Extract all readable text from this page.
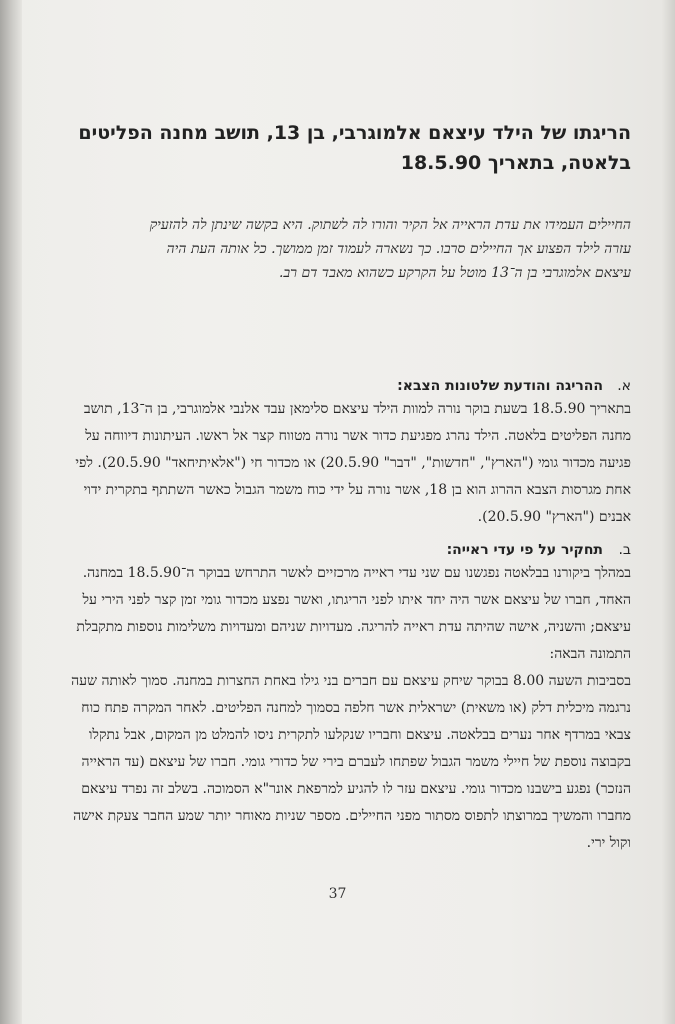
הריגתו של הילד עיצאם אלמוגרבי, בן 13, תושב מחנה הפליטים בלאטה, בתאריך 18.5.90

החיילים העמידו את עדת הראייה אל הקיר והורו לה לשתוק. היא בקשה שינתן לה להזעיק עזרה לילד הפצוע אך החיילים סרבו. כך נשארה לעמוד זמן ממושך. כל אותה העת היה עיצאם אלמוגרבי בן ה־13 מוטל על הקרקע כשהוא מאבד דם רב.

א.ההריגה והודעת שלטונות הצבא:

בתאריך 18.5.90 בשעת בוקר נורה למוות הילד עיצאם סלימאן עבד אלנבי אלמוגרבי, בן ה־13, תושב מחנה הפליטים בלאטה. הילד נהרג מפגיעת כדור אשר נורה מטווח קצר אל ראשו. העיתונות דיווחה על פגיעה מכדור גומי ("הארץ", "חדשות", "דבר" 20.5.90) או מכדור חי ("אלאיתיחאד" 20.5.90). לפי אחת מגרסות הצבא ההרוג הוא בן 18, אשר נורה על ידי כוח משמר הגבול כאשר השתתף בתקרית ידוי אבנים ("הארץ" 20.5.90).

ב.תחקיר על פי עדי ראייה:

במהלך ביקורנו בבלאטה נפגשנו עם שני עדי ראייה מרכזיים לאשר התרחש בבוקר ה־18.5.90 במחנה. האחד, חברו של עיצאם אשר היה יחד איתו לפני הריגתו, ואשר נפצע מכדור גומי זמן קצר לפני הירי על עיצאם; והשניה, אישה שהיתה עדת ראייה להריגה. מעדויות שניהם ומעדויות משלימות נוספות מתקבלת התמונה הבאה:

בסביבות השעה 8.00 בבוקר שיחק עיצאם עם חברים בני גילו באחת החצרות במחנה. סמוך לאותה שעה נרגמה מיכלית דלק (או משאית) ישראלית אשר חלפה בסמוך למחנה הפליטים. לאחר המקרה פתח כוח צבאי במרדף אחר נערים בבלאטה. עיצאם וחבריו שנקלעו לתקרית ניסו להמלט מן המקום, אבל נתקלו בקבוצה נוספת של חיילי משמר הגבול שפתחו לעברם בירי של כדורי גומי. חברו של עיצאם (עד הראייה הנזכר) נפגע בישבנו מכדור גומי. עיצאם עזר לו להגיע למרפאת אונר"א הסמוכה. בשלב זה נפרד עיצאם מחברו והמשיך במרוצתו לתפוס מסתור מפני החיילים. מספר שניות מאוחר יותר שמע החבר צעקת אישה וקול ירי.

37
